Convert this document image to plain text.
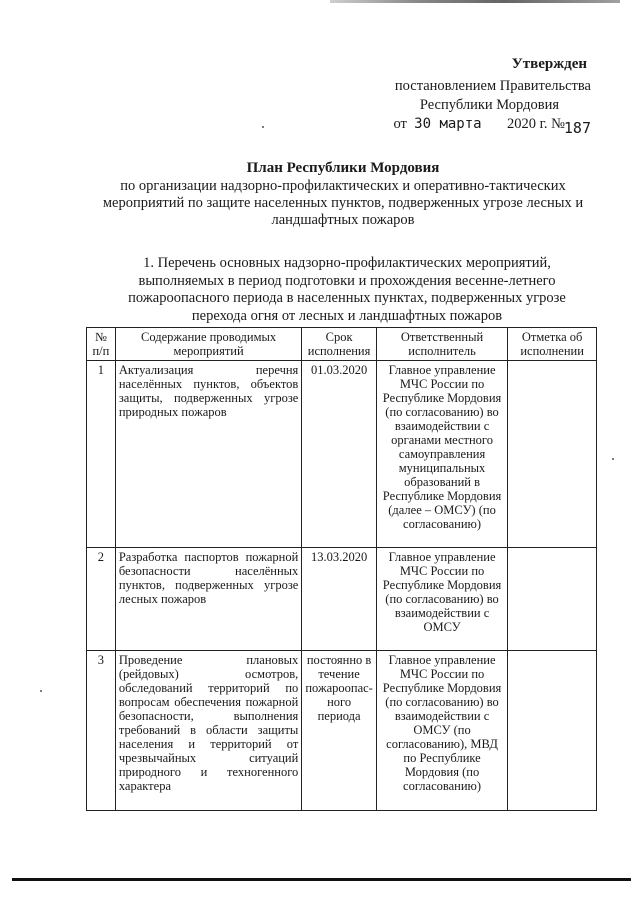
Утвержден
постановлением Правительства
Республики Мордовия
от 30 марта 2020 г. №
187
План Республики Мордовия
по организации надзорно-профилактических и оперативно-тактических мероприятий по защите населенных пунктов, подверженных угрозе лесных и ландшафтных пожаров
1. Перечень основных надзорно-профилактических мероприятий, выполняемых в период подготовки и прохождения весенне-летнего пожароопасного периода в населенных пунктах, подверженных угрозе перехода огня от лесных и ландшафтных пожаров
№ п/п	Содержание проводимых мероприятий	Срок исполнения	Ответственный исполнитель	Отметка об исполнении
1	Актуализация перечня населённых пунктов, объектов защиты, подверженных угрозе природных пожаров	01.03.2020	Главное управление МЧС России по Республике Мордовия (по согласованию) во взаимодействии с органами местного самоуправления муниципальных образований в Республике Мордовия (далее – ОМСУ) (по согласованию)	
2	Разработка паспортов пожарной безопасности населённых пунктов, подверженных угрозе лесных пожаров	13.03.2020	Главное управление МЧС России по Республике Мордовия (по согласованию) во взаимодействии с ОМСУ	
3	Проведение плановых (рейдовых) осмотров, обследований территорий по вопросам обеспечения пожарной безопасности, выполнения требований в области защиты населения и территорий от чрезвычайных ситуаций природного и техногенного характера	постоянно в течение пожароопас-ного периода	Главное управление МЧС России по Республике Мордовия (по согласованию) во взаимодействии с ОМСУ (по согласованию), МВД по Республике Мордовия (по согласованию)	
